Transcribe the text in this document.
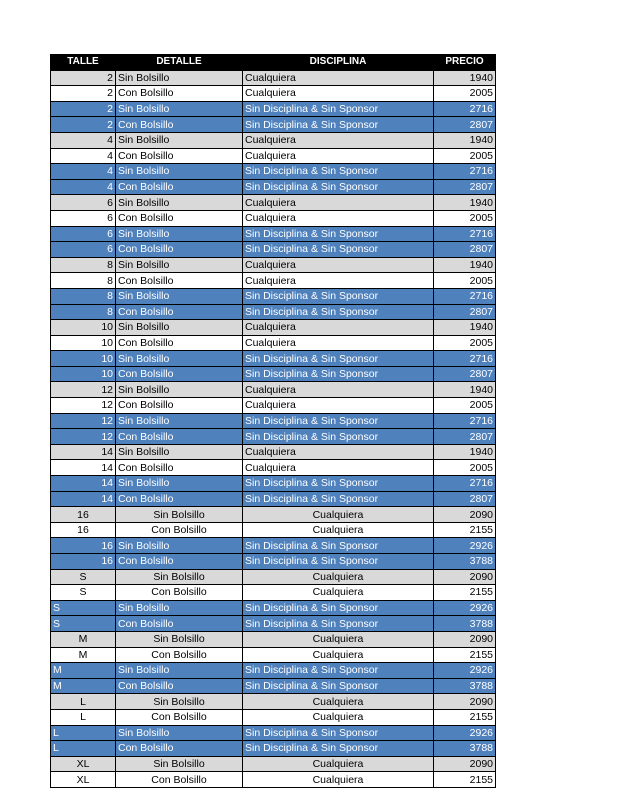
TALLE	DETALLE	DISCIPLINA	PRECIO
2	Sin Bolsillo	Cualquiera	1940
2	Con Bolsillo	Cualquiera	2005
2	Sin Bolsillo	Sin Disciplina & Sin Sponsor	2716
2	Con Bolsillo	Sin Disciplina & Sin Sponsor	2807
4	Sin Bolsillo	Cualquiera	1940
4	Con Bolsillo	Cualquiera	2005
4	Sin Bolsillo	Sin Disciplina & Sin Sponsor	2716
4	Con Bolsillo	Sin Disciplina & Sin Sponsor	2807
6	Sin Bolsillo	Cualquiera	1940
6	Con Bolsillo	Cualquiera	2005
6	Sin Bolsillo	Sin Disciplina & Sin Sponsor	2716
6	Con Bolsillo	Sin Disciplina & Sin Sponsor	2807
8	Sin Bolsillo	Cualquiera	1940
8	Con Bolsillo	Cualquiera	2005
8	Sin Bolsillo	Sin Disciplina & Sin Sponsor	2716
8	Con Bolsillo	Sin Disciplina & Sin Sponsor	2807
10	Sin Bolsillo	Cualquiera	1940
10	Con Bolsillo	Cualquiera	2005
10	Sin Bolsillo	Sin Disciplina & Sin Sponsor	2716
10	Con Bolsillo	Sin Disciplina & Sin Sponsor	2807
12	Sin Bolsillo	Cualquiera	1940
12	Con Bolsillo	Cualquiera	2005
12	Sin Bolsillo	Sin Disciplina & Sin Sponsor	2716
12	Con Bolsillo	Sin Disciplina & Sin Sponsor	2807
14	Sin Bolsillo	Cualquiera	1940
14	Con Bolsillo	Cualquiera	2005
14	Sin Bolsillo	Sin Disciplina & Sin Sponsor	2716
14	Con Bolsillo	Sin Disciplina & Sin Sponsor	2807
16	Sin Bolsillo	Cualquiera	2090
16	Con Bolsillo	Cualquiera	2155
16	Sin Bolsillo	Sin Disciplina & Sin Sponsor	2926
16	Con Bolsillo	Sin Disciplina & Sin Sponsor	3788
S	Sin Bolsillo	Cualquiera	2090
S	Con Bolsillo	Cualquiera	2155
S	Sin Bolsillo	Sin Disciplina & Sin Sponsor	2926
S	Con Bolsillo	Sin Disciplina & Sin Sponsor	3788
M	Sin Bolsillo	Cualquiera	2090
M	Con Bolsillo	Cualquiera	2155
M	Sin Bolsillo	Sin Disciplina & Sin Sponsor	2926
M	Con Bolsillo	Sin Disciplina & Sin Sponsor	3788
L	Sin Bolsillo	Cualquiera	2090
L	Con Bolsillo	Cualquiera	2155
L	Sin Bolsillo	Sin Disciplina & Sin Sponsor	2926
L	Con Bolsillo	Sin Disciplina & Sin Sponsor	3788
XL	Sin Bolsillo	Cualquiera	2090
XL	Con Bolsillo	Cualquiera	2155
